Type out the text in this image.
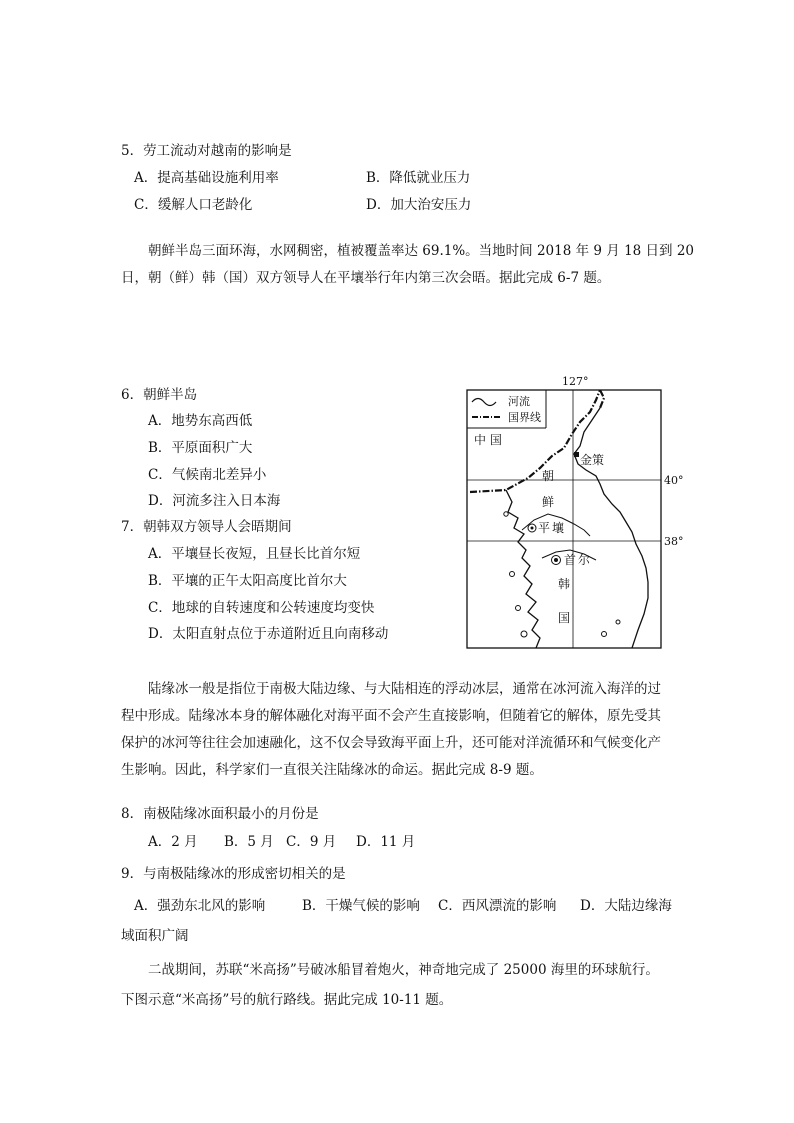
5．劳工流动对越南的影响是
A．提高基础设施利用率	B．降低就业压力
C．缓解人口老龄化	D．加大治安压力
朝鲜半岛三面环海，水网稠密，植被覆盖率达 69.1%。当地时间 2018 年 9 月 18 日到 20
日，朝（鲜）韩（国）双方领导人在平壤举行年内第三次会晤。据此完成 6-7 题。
6．朝鲜半岛
A．地势东高西低
B．平原面积广大
C．气候南北差异小
D．河流多注入日本海
7．朝韩双方领导人会晤期间
A．平壤昼长夜短，且昼长比首尔短
B．平壤的正午太阳高度比首尔大
C．地球的自转速度和公转速度均变快
D．太阳直射点位于赤道附近且向南移动
127°
40°
38°
河流
国界线
中 国
金策
朝
鲜
平 壤
首 尔
韩
国
陆缘冰一般是指位于南极大陆边缘、与大陆相连的浮动冰层，通常在冰河流入海洋的过
程中形成。陆缘冰本身的解体融化对海平面不会产生直接影响，但随着它的解体，原先受其
保护的冰河等往往会加速融化，这不仅会导致海平面上升，还可能对洋流循环和气候变化产
生影响。因此，科学家们一直很关注陆缘冰的命运。据此完成 8-9 题。
8．南极陆缘冰面积最小的月份是
A．2 月 B．5 月 C．9 月 D．11 月
9．与南极陆缘冰的形成密切相关的是
A．强劲东北风的影响	B．干燥气候的影响 C．西风漂流的影响 D．大陆边缘海
域面积广阔
二战期间，苏联“米高扬”号破冰船冒着炮火，神奇地完成了 25000 海里的环球航行。
下图示意“米高扬”号的航行路线。据此完成 10-11 题。
